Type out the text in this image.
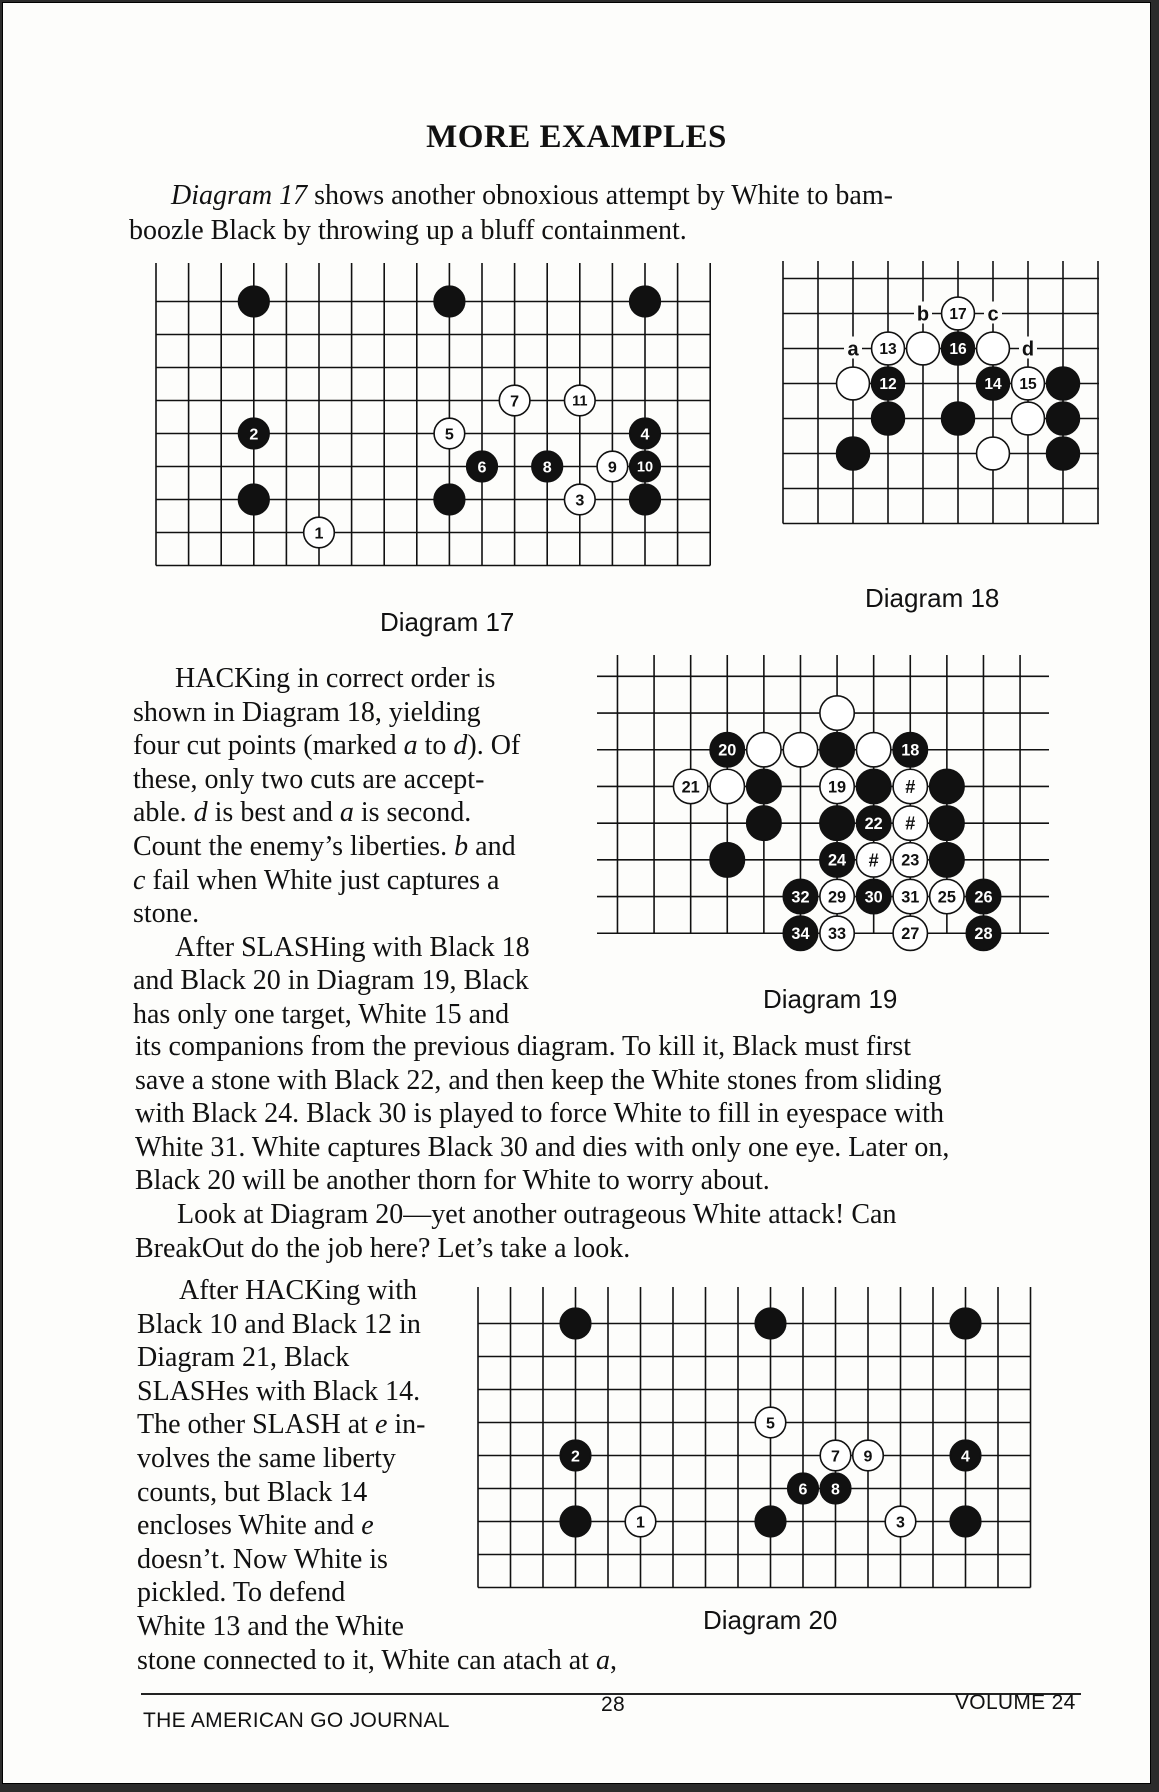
MORE EXAMPLES

Diagram 17 shows another obnoxious attempt by White to bam-

boozle Black by throwing up a bluff containment.

2
1
5
7	11
4
6	8	9 10
3
Diagram 17
a
b	c
d
17
13	16
12	14 15
Diagram 18
HACKing in correct order is
shown in Diagram 18, yielding
four cut points (marked a to d). Of
these, only two cuts are accept-
able. d is best and a is second.
Count the enemy’s liberties. b and
c fail when White just captures a
stone.
After SLASHing with Black 18
and Black 20 in Diagram 19, Black
has only one target, White 15 and
20	18
21	19	#
22 #
24 # 23
32 29 30 31 25 26
34 33	27	28
Diagram 19
its companions from the previous diagram. To kill it, Black must first
save a stone with Black 22, and then keep the White stones from sliding
with Black 24. Black 30 is played to force White to fill in eyespace with
White 31. White captures Black 30 and dies with only one eye. Later on,
Black 20 will be another thorn for White to worry about.
Look at Diagram 20—yet another outrageous White attack! Can
BreakOut do the job here? Let’s take a look.
After HACKing with
Black 10 and Black 12 in
Diagram 21, Black
SLASHes with Black 14.
The other SLASH at e in-
volves the same liberty
counts, but Black 14
encloses White and e
doesn’t. Now White is
pickled. To defend
White 13 and the White
stone connected to it, White can atach at a,
5
2	7 9	4
6 8
1	3
Diagram 20
THE AMERICAN GO JOURNAL
28	VOLUME 24
